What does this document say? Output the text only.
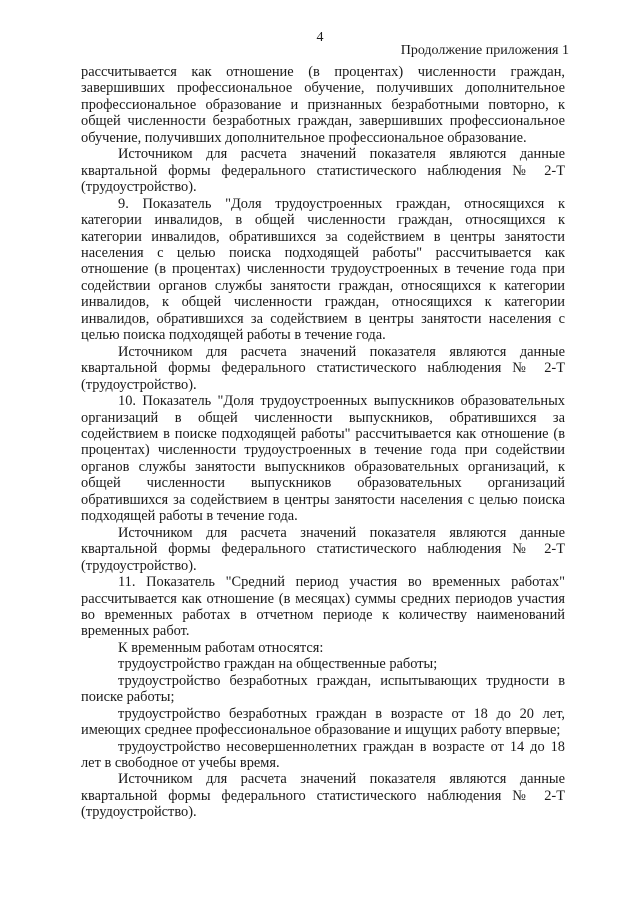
4
Продолжение приложения 1

рассчитывается как отношение (в процентах) численности граждан, завершивших профессиональное обучение, получивших дополнительное профессиональное образование и признанных безработными повторно, к общей численности безработных граждан, завершивших профессиональное обучение, получивших дополнительное профессиональное образование.

Источником для расчета значений показателя являются данные квартальной формы федерального статистического наблюдения № 2-Т (трудоустройство).

9. Показатель "Доля трудоустроенных граждан, относящихся к категории инвалидов, в общей численности граждан, относящихся к категории инвалидов, обратившихся за содействием в центры занятости населения с целью поиска подходящей работы" рассчитывается как отношение (в процентах) численности трудоустроенных в течение года при содействии органов службы занятости граждан, относящихся к категории инвалидов, к общей численности граждан, относящихся к категории инвалидов, обратившихся за содействием в центры занятости населения с целью поиска подходящей работы в течение года.

Источником для расчета значений показателя являются данные квартальной формы федерального статистического наблюдения № 2-Т (трудоустройство).

10. Показатель "Доля трудоустроенных выпускников образовательных организаций в общей численности выпускников, обратившихся за содействием в поиске подходящей работы" рассчитывается как отношение (в процентах) численности трудоустроенных в течение года при содействии органов службы занятости выпускников образовательных организаций, к общей численности выпускников образовательных организаций обратившихся за содействием в центры занятости населения с целью поиска подходящей работы в течение года.

Источником для расчета значений показателя являются данные квартальной формы федерального статистического наблюдения № 2-Т (трудоустройство).

11. Показатель "Средний период участия во временных работах" рассчитывается как отношение (в месяцах) суммы средних периодов участия во временных работах в отчетном периоде к количеству наименований временных работ.

К временным работам относятся:

трудоустройство граждан на общественные работы;

трудоустройство безработных граждан, испытывающих трудности в поиске работы;

трудоустройство безработных граждан в возрасте от 18 до 20 лет, имеющих среднее профессиональное образование и ищущих работу впервые;

трудоустройство несовершеннолетних граждан в возрасте от 14 до 18 лет в свободное от учебы время.

Источником для расчета значений показателя являются данные квартальной формы федерального статистического наблюдения № 2-Т (трудоустройство).
